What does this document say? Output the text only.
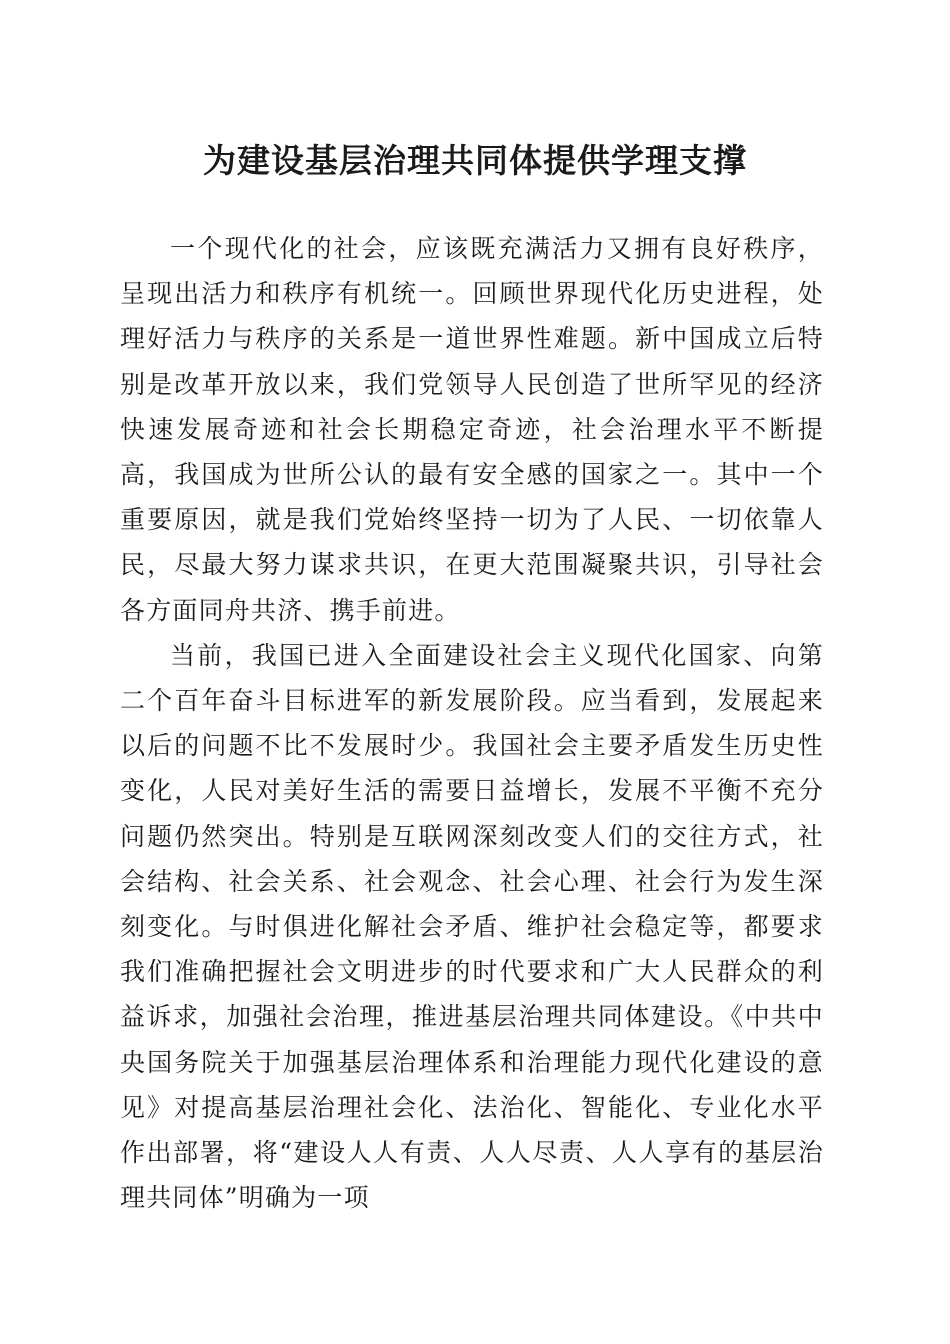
为建设基层治理共同体提供学理支撑

一个现代化的社会，应该既充满活力又拥有良好秩序，呈现出活力和秩序有机统一。回顾世界现代化历史进程，处理好活力与秩序的关系是一道世界性难题。新中国成立后特别是改革开放以来，我们党领导人民创造了世所罕见的经济快速发展奇迹和社会长期稳定奇迹，社会治理水平不断提高，我国成为世所公认的最有安全感的国家之一。其中一个重要原因，就是我们党始终坚持一切为了人民、一切依靠人民，尽最大努力谋求共识，在更大范围凝聚共识，引导社会各方面同舟共济、携手前进。

当前，我国已进入全面建设社会主义现代化国家、向第二个百年奋斗目标进军的新发展阶段。应当看到，发展起来以后的问题不比不发展时少。我国社会主要矛盾发生历史性变化，人民对美好生活的需要日益增长，发展不平衡不充分问题仍然突出。特别是互联网深刻改变人们的交往方式，社会结构、社会关系、社会观念、社会心理、社会行为发生深刻变化。与时俱进化解社会矛盾、维护社会稳定等，都要求我们准确把握社会文明进步的时代要求和广大人民群众的利益诉求，加强社会治理，推进基层治理共同体建设。《中共中央国务院关于加强基层治理体系和治理能力现代化建设的意见》对提高基层治理社会化、法治化、智能化、专业化水平作出部署，将“建设人人有责、人人尽责、人人享有的基层治理共同体”明确为一项
